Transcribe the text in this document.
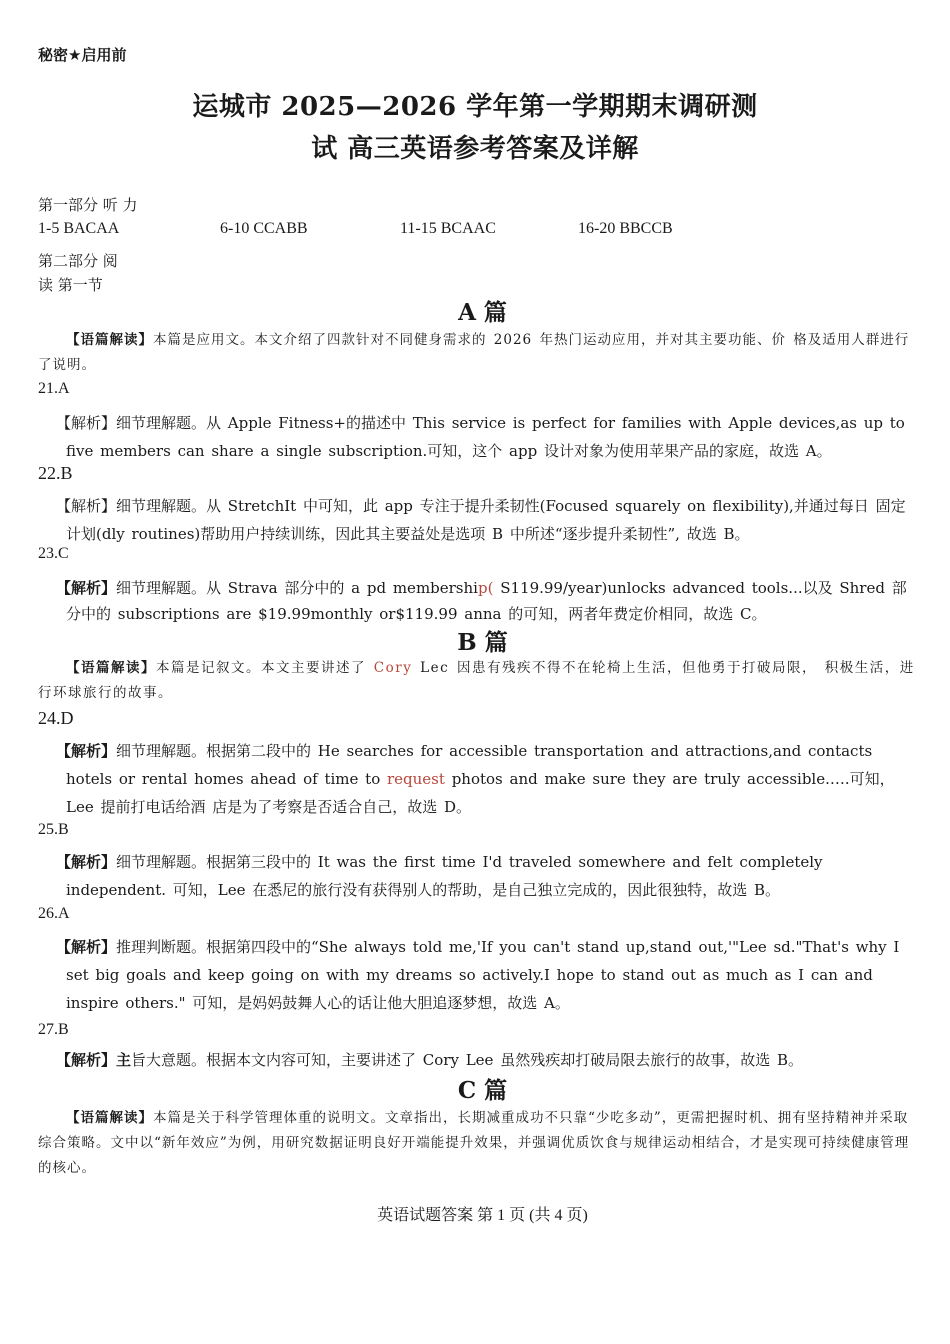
秘密★启用前
运城市 2025—2026 学年第一学期期末调研测
试 高三英语参考答案及详解
第一部分 听 力
1-5 BACAA	6-10 CCABB	11-15 BCAAC	16-20 BBCCB
第二部分 阅
读 第一节
A 篇
【语篇解读】本篇是应用文。本文介绍了四款针对不同健身需求的 2026 年热门运动应用，并对其主要功能、价 格及适用人群进行了说明。
21.A
【解析】细节理解题。从 Apple Fitness+的描述中 This service is perfect for families with Apple devices,as up to five members can share a single subscription.可知，这个 app 设计对象为使用苹果产品的家庭，故选 A。
22.B
【解析】细节理解题。从 StretchIt 中可知，此 app 专注于提升柔韧性(Focused squarely on flexibility),并通过每日 固定计划(dly routines)帮助用户持续训练，因此其主要益处是选项 B 中所述“逐步提升柔韧性”, 故选 B。
23.C
【解析】细节理解题。从 Strava 部分中的 a pd membership( S119.99/year)unlocks advanced tools...以及 Shred 部分中的 subscriptions are $19.99monthly or$119.99 anna 的可知，两者年费定价相同，故选 C。
B 篇
【语篇解读】本篇是记叙文。本文主要讲述了 Cory Lec 因患有残疾不得不在轮椅上生活，但他勇于打破局限， 积极生活，进行环球旅行的故事。
24.D
【解析】细节理解题。根据第二段中的 He searches for accessible transportation and attractions,and contacts hotels or rental homes ahead of time to request photos and make sure they are truly accessible.….可知，Lee 提前打电话给酒 店是为了考察是否适合自己，故选 D。
25.B
【解析】细节理解题。根据第三段中的 It was the first time I'd traveled somewhere and felt completely independent. 可知，Lee 在悉尼的旅行没有获得别人的帮助，是自己独立完成的，因此很独特，故选 B。
26.A
【解析】推理判断题。根据第四段中的“She always told me,'If you can't stand up,stand out,'"Lee sd."That's why I set big goals and keep going on with my dreams so actively.I hope to stand out as much as I can and inspire others." 可知，是妈妈鼓舞人心的话让他大胆追逐梦想，故选 A。
27.B
【解析】主旨大意题。根据本文内容可知，主要讲述了 Cory Lee 虽然残疾却打破局限去旅行的故事，故选 B。
C 篇
【语篇解读】本篇是关于科学管理体重的说明文。文章指出，长期减重成功不只靠“少吃多动”，更需把握时机、拥有坚持精神并采取综合策略。文中以“新年效应”为例，用研究数据证明良好开端能提升效果，并强调优质饮食与规律运动相结合，才是实现可持续健康管理的核心。
英语试题答案 第 1 页 (共 4 页)
